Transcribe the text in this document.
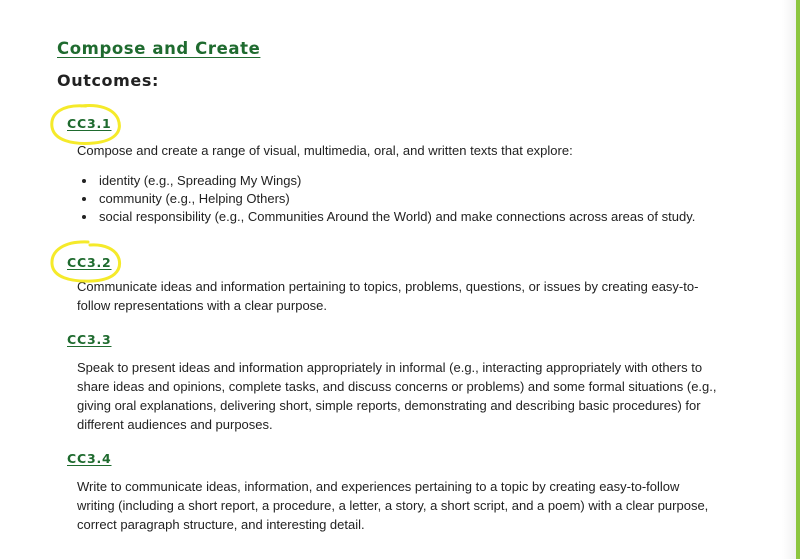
Compose and Create
Outcomes:
CC3.1
Compose and create a range of visual, multimedia, oral, and written texts that explore:
• identity (e.g., Spreading My Wings)
• community (e.g., Helping Others)
• social responsibility (e.g., Communities Around the World) and make connections across areas of study.
CC3.2
Communicate ideas and information pertaining to topics, problems, questions, or issues by creating easy-to-follow representations with a clear purpose.
CC3.3
Speak to present ideas and information appropriately in informal (e.g., interacting appropriately with others to share ideas and opinions, complete tasks, and discuss concerns or problems) and some formal situations (e.g., giving oral explanations, delivering short, simple reports, demonstrating and describing basic procedures) for different audiences and purposes.
CC3.4
Write to communicate ideas, information, and experiences pertaining to a topic by creating easy-to-follow writing (including a short report, a procedure, a letter, a story, a short script, and a poem) with a clear purpose, correct paragraph structure, and interesting detail.
